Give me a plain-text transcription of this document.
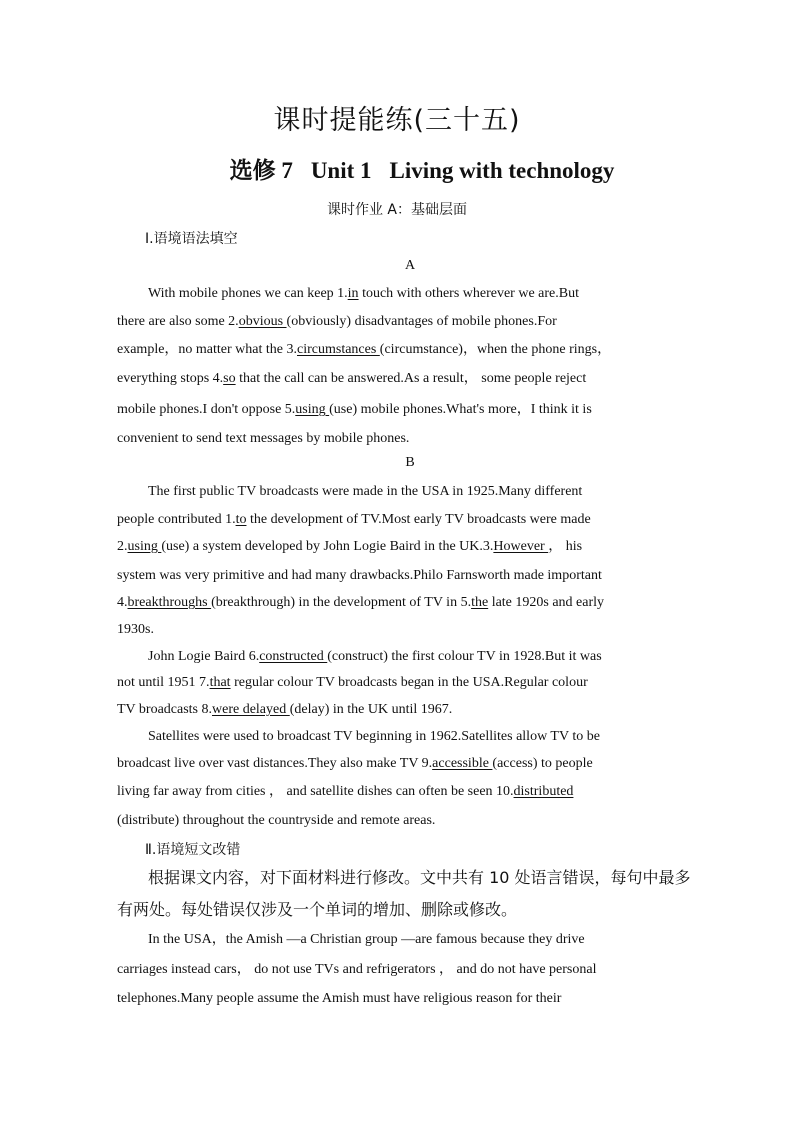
课时提能练(三十五)
选修 7 Unit 1 Living with technology
课时作业 A：基础层面
Ⅰ.语境语法填空
A
With mobile phones we can keep 1.in touch with others wherever we are.But
there are also some 2.obvious (obviously) disadvantages of mobile phones.For
example，no matter what the 3.circumstances (circumstance)，when the phone rings，
everything stops 4.so that the call can be answered.As a result， some people reject
mobile phones.I don't oppose 5.using (use) mobile phones.What's more，I think it is
convenient to send text messages by mobile phones.
B
The first public TV broadcasts were made in the USA in 1925.Many different
people contributed 1.to the development of TV.Most early TV broadcasts were made
2.using (use) a system developed by John Logie Baird in the UK.3.However ， his
system was very primitive and had many drawbacks.Philo Farnsworth made important
4.breakthroughs (breakthrough) in the development of TV in 5.the late 1920s and early
1930s.
John Logie Baird 6.constructed (construct) the first colour TV in 1928.But it was
not until 1951 7.that regular colour TV broadcasts began in the USA.Regular colour
TV broadcasts 8.were delayed (delay) in the UK until 1967.
Satellites were used to broadcast TV beginning in 1962.Satellites allow TV to be
broadcast live over vast distances.They also make TV 9.accessible (access) to people
living far away from cities ， and satellite dishes can often be seen 10.distributed
(distribute) throughout the countryside and remote areas.
Ⅱ.语境短文改错
根据课文内容，对下面材料进行修改。文中共有 10 处语言错误，每句中最多
有两处。每处错误仅涉及一个单词的增加、删除或修改。
In the USA，the Amish —a Christian group —are famous because they drive
carriages instead cars， do not use TVs and refrigerators ， and do not have personal
telephones.Many people assume the Amish must have religious reason for their
